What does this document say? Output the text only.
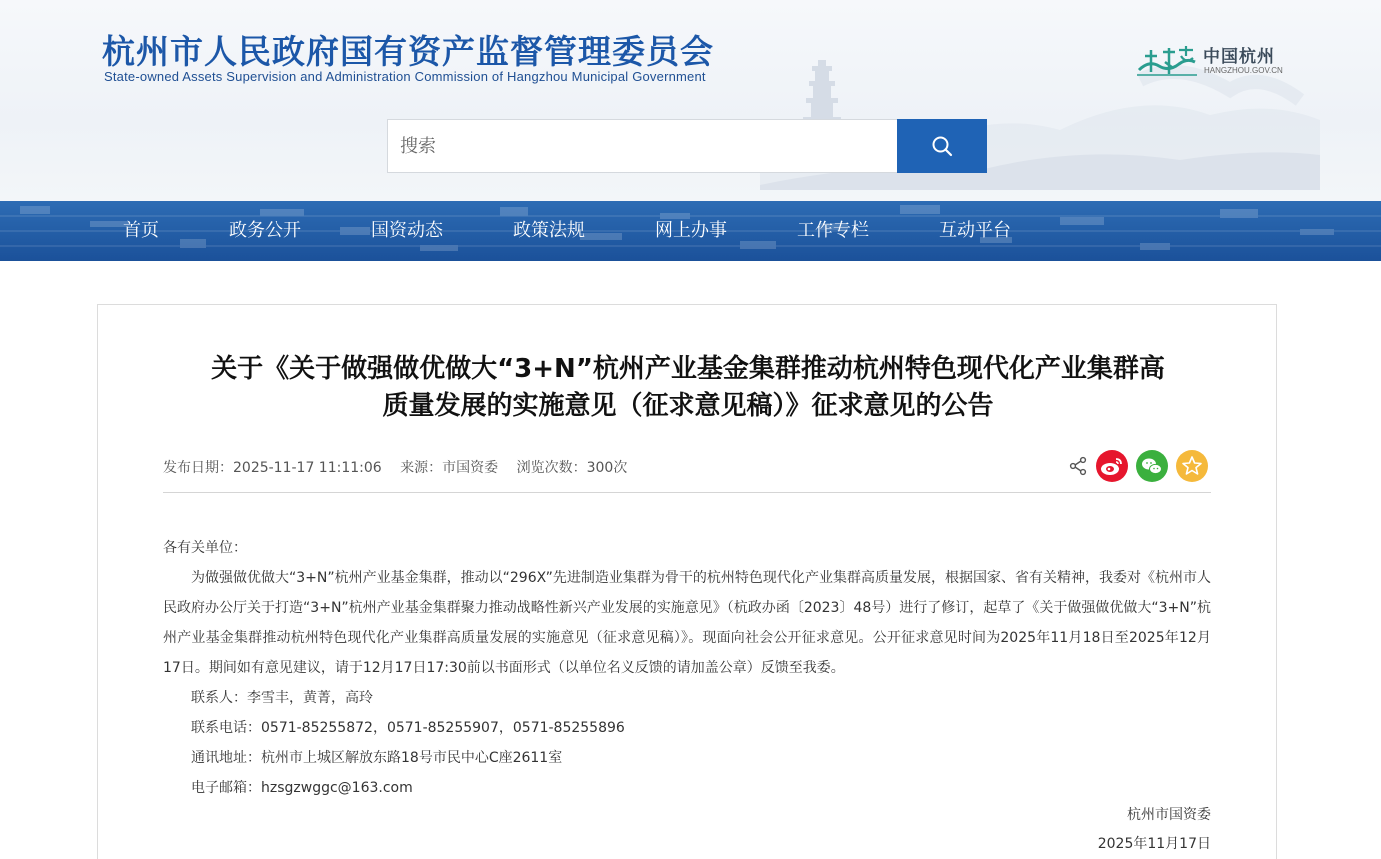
杭州市人民政府国有资产监督管理委员会
State-owned Assets Supervision and Administration Commission of Hangzhou Municipal Government
中国杭州
HANGZHOU.GOV.CN
搜索
首页	政务公开	国资动态	政策法规	网上办事	工作专栏	互动平台
关于《关于做强做优做大“3+N”杭州产业基金集群推动杭州特色现代化产业集群高
质量发展的实施意见（征求意见稿）》征求意见的公告
发布日期：2025-11-17 11:11:06 来源：市国资委 浏览次数：300次

各有关单位：

为做强做优做大“3+N”杭州产业基金集群，推动以“296X”先进制造业集群为骨干的杭州特色现代化产业集群高质量发展，根据国家、省有关精神，我委对《杭州市人民政府办公厅关于打造“3+N”杭州产业基金集群聚力推动战略性新兴产业发展的实施意见》（杭政办函〔2023〕48号）进行了修订，起草了《关于做强做优做大“3+N”杭州产业基金集群推动杭州特色现代化产业集群高质量发展的实施意见（征求意见稿）》。现面向社会公开征求意见。公开征求意见时间为2025年11月18日至2025年12月17日。期间如有意见建议，请于12月17日17:30前以书面形式（以单位名义反馈的请加盖公章）反馈至我委。

联系人：李雪丰，黄菁，高玲

联系电话：0571-85255872，0571-85255907，0571-85255896

通讯地址：杭州市上城区解放东路18号市民中心C座2611室

电子邮箱：hzsgzwggc@163.com

杭州市国资委
2025年11月17日
